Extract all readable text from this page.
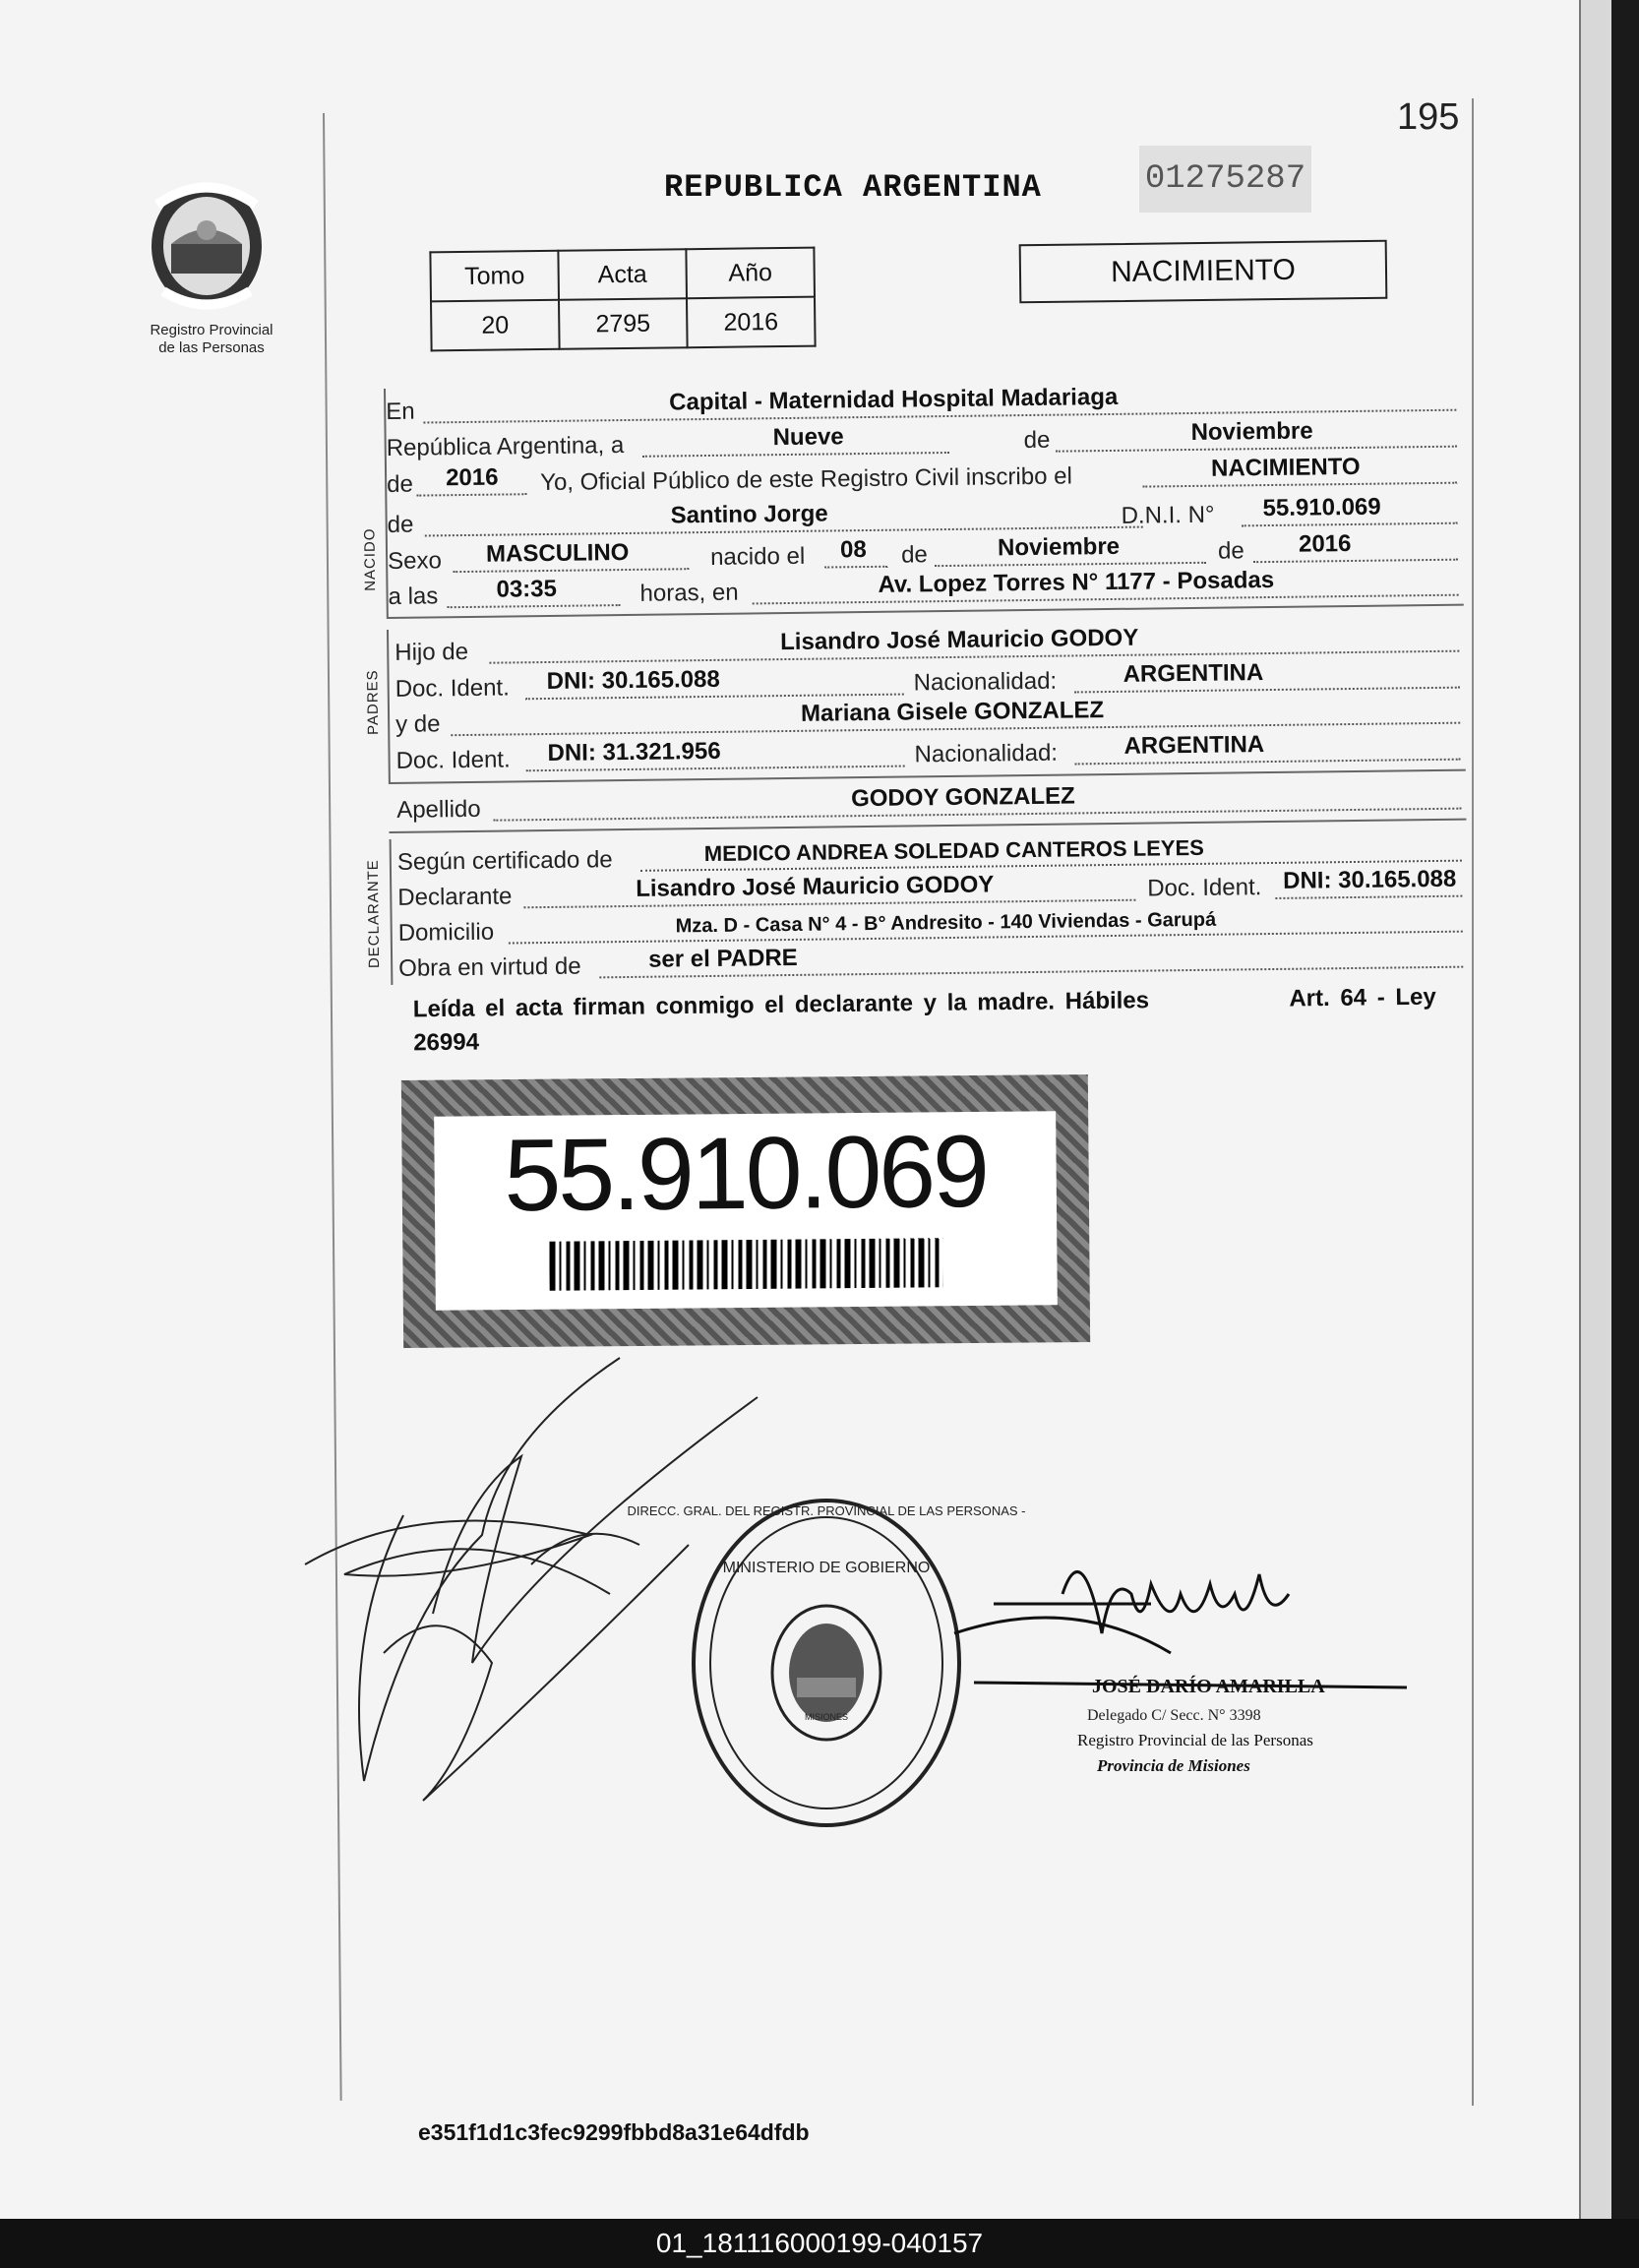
195
Registro Provincial
de las Personas
REPUBLICA ARGENTINA	01275287
Tomo	Acta	Año
20	2795	2016
NACIMIENTO
En	Capital - Maternidad Hospital Madariaga
República Argentina, a	Nueve	de	Noviembre
de 2016 Yo, Oficial Público de este Registro Civil inscribo el	NACIMIENTO
de	Santino Jorge	D.N.I. N° 55.910.069
Sexo MASCULINO	nacido el 08 de	Noviembre	de 2016
a las 03:35	horas, en	Av. Lopez Torres N° 1177 - Posadas
Hijo de	Lisandro José Mauricio GODOY
Doc. Ident. DNI: 30.165.088	Nacionalidad:	ARGENTINA
y de	Mariana Gisele GONZALEZ
Doc. Ident. DNI: 31.321.956	Nacionalidad:	ARGENTINA
Apellido	GODOY GONZALEZ
Según certificado de	MEDICO ANDREA SOLEDAD CANTEROS LEYES
Declarante	Lisandro José Mauricio GODOY	Doc. Ident. DNI: 30.165.088
Domicilio	Mza. D - Casa N° 4 - B° Andresito - 140 Viviendas - Garupá
Obra en virtud de	ser el PADRE
NACIDO
PADRES
DECLARANTE
Leída el acta firman conmigo el declarante y la madre. Hábiles	Art. 64 - Ley

26994
55.910.069
MISIONES
MINISTERIO DE GOBIERNO
DIRECC. GRAL. DEL REGISTR. PROVINCIAL DE LAS PERSONAS -
JOSÉ DARÍO AMARILLA
Delegado C/ Secc. N° 3398
Registro Provincial de las Personas
Provincia de Misiones
e351f1d1c3fec9299fbbd8a31e64dfdb
01_181116000199-040157
